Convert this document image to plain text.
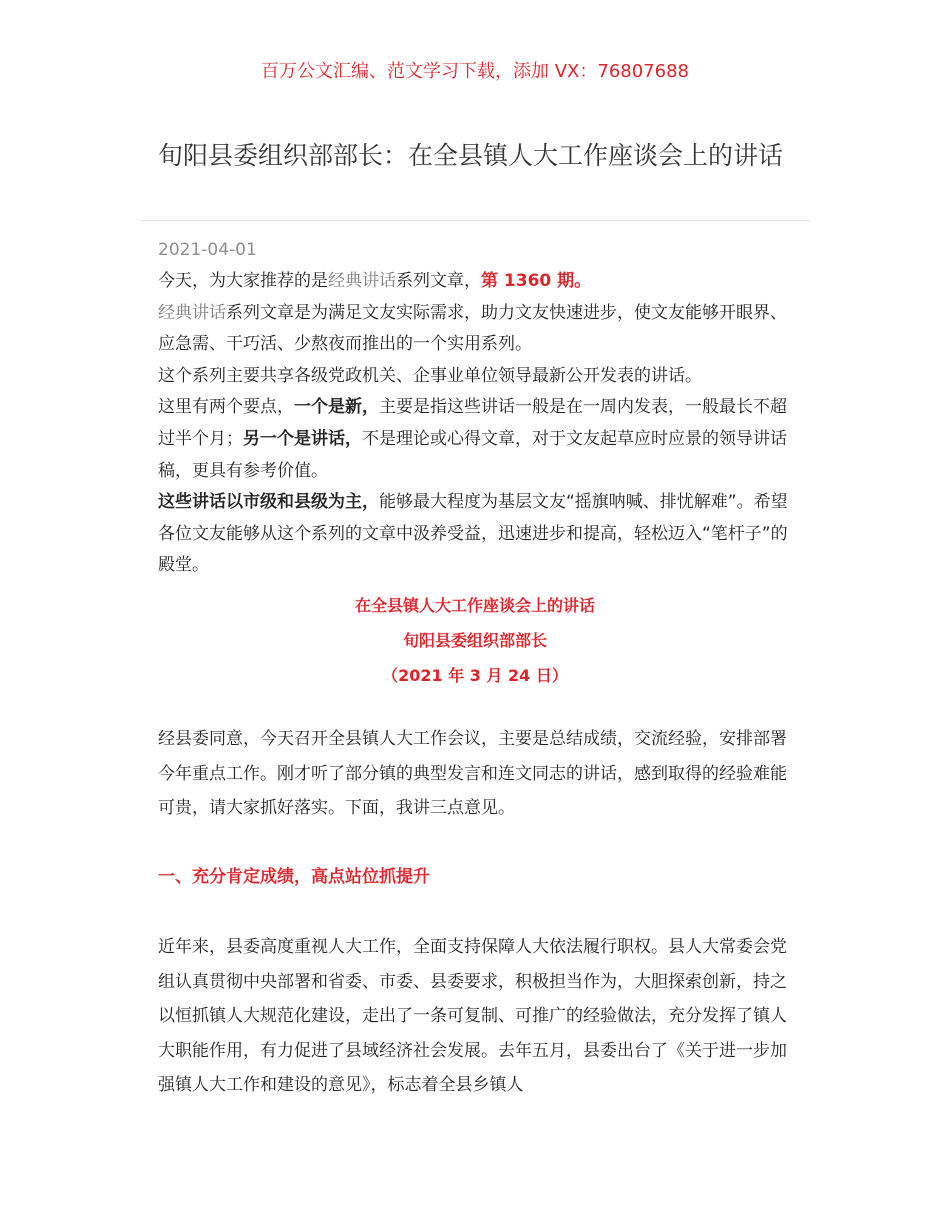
百万公文汇编、范文学习下载，添加 VX：76807688
旬阳县委组织部部长：在全县镇人大工作座谈会上的讲话
2021-04-01

今天，为大家推荐的是经典讲话系列文章，第 1360 期。

经典讲话系列文章是为满足文友实际需求，助力文友快速进步，使文友能够开眼界、应急需、干巧活、少熬夜而推出的一个实用系列。

这个系列主要共享各级党政机关、企事业单位领导最新公开发表的讲话。

这里有两个要点，一个是新，主要是指这些讲话一般是在一周内发表，一般最长不超过半个月；另一个是讲话，不是理论或心得文章，对于文友起草应时应景的领导讲话稿，更具有参考价值。

这些讲话以市级和县级为主，能够最大程度为基层文友“摇旗呐喊、排忧解难”。希望各位文友能够从这个系列的文章中汲养受益，迅速进步和提高，轻松迈入“笔杆子”的殿堂。

在全县镇人大工作座谈会上的讲话
旬阳县委组织部部长
（2021 年 3 月 24 日）
经县委同意，今天召开全县镇人大工作会议，主要是总结成绩，交流经验，安排部署今年重点工作。刚才听了部分镇的典型发言和连文同志的讲话，感到取得的经验难能可贵，请大家抓好落实。下面，我讲三点意见。
一、充分肯定成绩，高点站位抓提升
近年来，县委高度重视人大工作，全面支持保障人大依法履行职权。县人大常委会党组认真贯彻中央部署和省委、市委、县委要求，积极担当作为，大胆探索创新，持之以恒抓镇人大规范化建设，走出了一条可复制、可推广的经验做法，充分发挥了镇人大职能作用，有力促进了县域经济社会发展。去年五月，县委出台了《关于进一步加强镇人大工作和建设的意见》，标志着全县乡镇人
